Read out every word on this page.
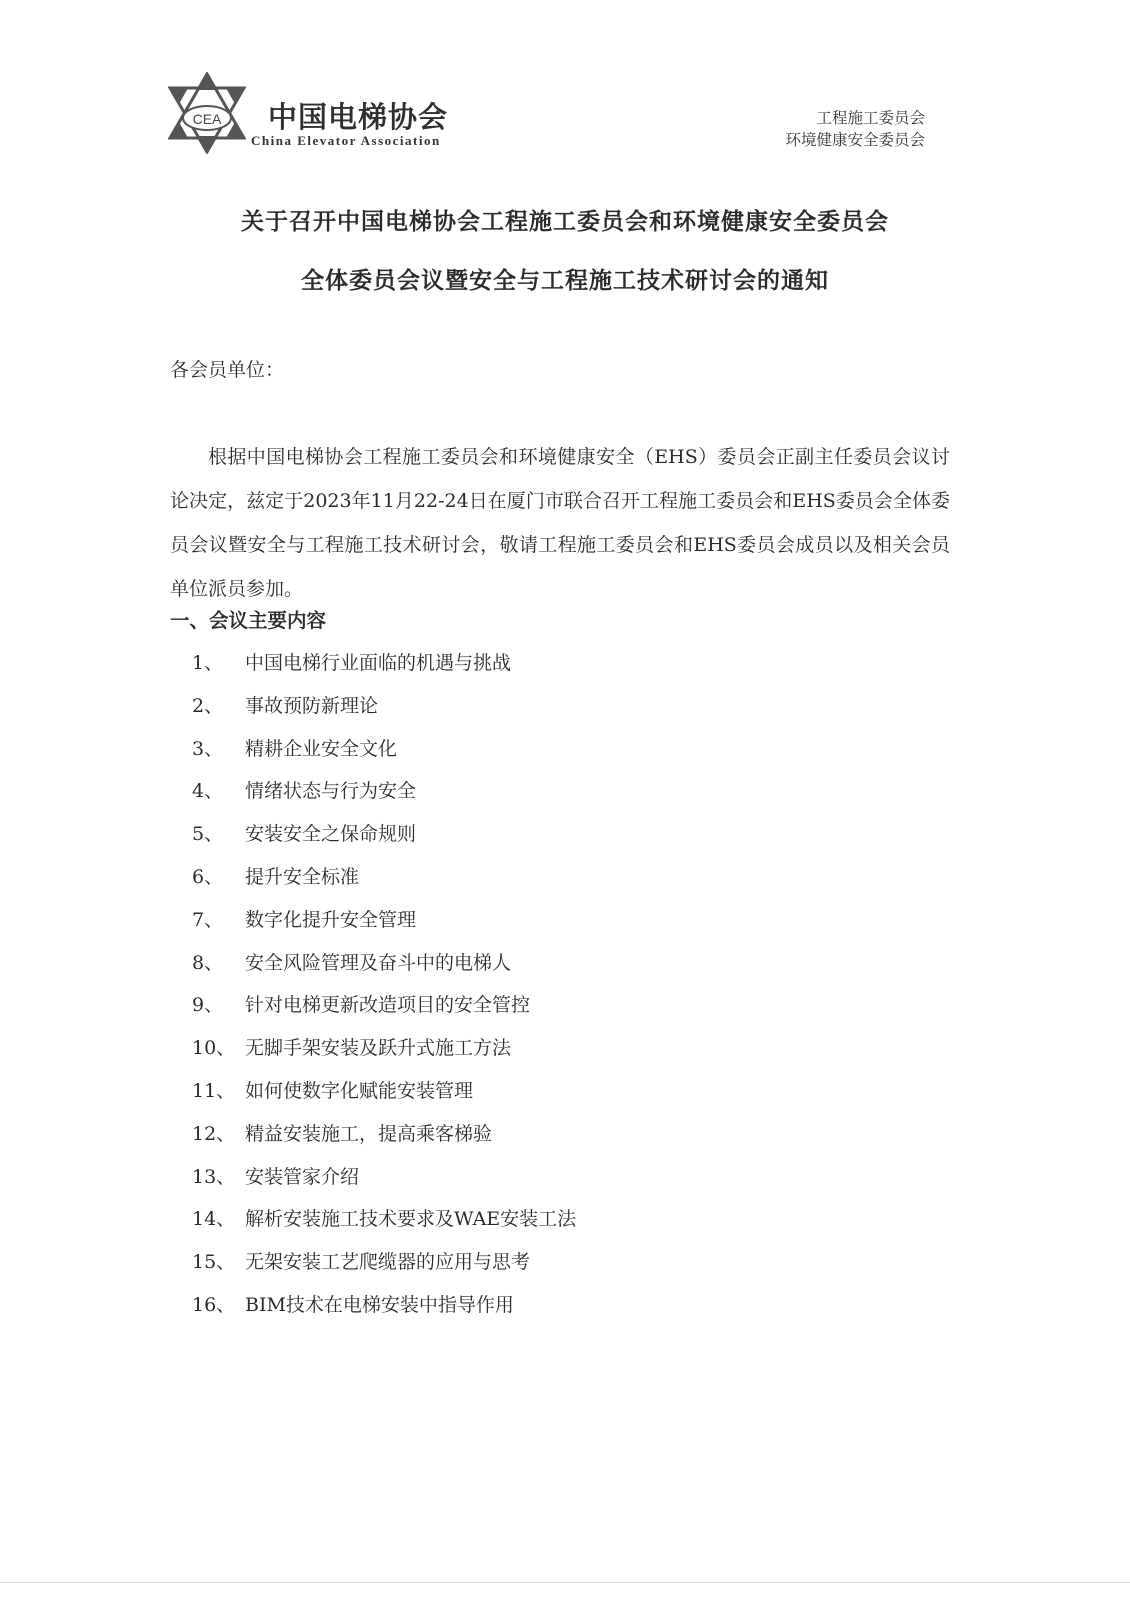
CEA 中国电梯协会
China Elevator Association
工程施工委员会
环境健康安全委员会
关于召开中国电梯协会工程施工委员会和环境健康安全委员会
全体委员会议暨安全与工程施工技术研讨会的通知
各会员单位：

根据中国电梯协会工程施工委员会和环境健康安全（EHS）委员会正副主任委员会议讨论决定，兹定于2023年11月22-24日在厦门市联合召开工程施工委员会和EHS委员会全体委员会议暨安全与工程施工技术研讨会，敬请工程施工委员会和EHS委员会成员以及相关会员单位派员参加。

一、会议主要内容
1、 中国电梯行业面临的机遇与挑战
2、 事故预防新理论
3、 精耕企业安全文化
4、 情绪状态与行为安全
5、 安装安全之保命规则
6、 提升安全标准
7、 数字化提升安全管理
8、 安全风险管理及奋斗中的电梯人
9、 针对电梯更新改造项目的安全管控
10、 无脚手架安装及跃升式施工方法
11、 如何使数字化赋能安装管理
12、 精益安装施工，提高乘客梯验
13、 安装管家介绍
14、 解析安装施工技术要求及WAE安装工法
15、 无架安装工艺爬缆器的应用与思考
16、 BIM技术在电梯安装中指导作用
